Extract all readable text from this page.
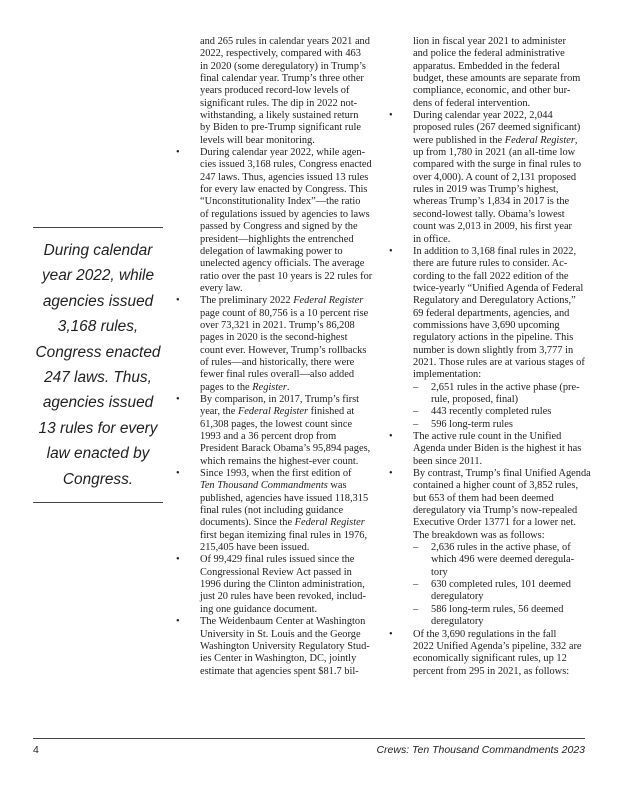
During calendar
year 2022, while
agencies issued
3,168 rules,
Congress enacted
247 laws. Thus,
agencies issued
13 rules for every
law enacted by
Congress.

and 265 rules in calendar years 2021 and

2022, respectively, compared with 463

in 2020 (some deregulatory) in Trump’s

final calendar year. Trump’s three other

years produced record-low levels of

significant rules. The dip in 2022 not-

withstanding, a likely sustained return

by Biden to pre-Trump significant rule

levels will bear monitoring.

• During calendar year 2022, while agen-

cies issued 3,168 rules, Congress enacted

247 laws. Thus, agencies issued 13 rules

for every law enacted by Congress. This

“Unconstitutionality Index”—the ratio

of regulations issued by agencies to laws

passed by Congress and signed by the

president—highlights the entrenched

delegation of lawmaking power to

unelected agency officials. The average

ratio over the past 10 years is 22 rules for

every law.

• The preliminary 2022 Federal Register

page count of 80,756 is a 10 percent rise

over 73,321 in 2021. Trump’s 86,208

pages in 2020 is the second-highest

count ever. However, Trump’s rollbacks

of rules—and historically, there were

fewer final rules overall—also added

pages to the Register.

• By comparison, in 2017, Trump’s first

year, the Federal Register finished at

61,308 pages, the lowest count since

1993 and a 36 percent drop from

President Barack Obama’s 95,894 pages,

which remains the highest-ever count.

• Since 1993, when the first edition of

Ten Thousand Commandments was

published, agencies have issued 118,315

final rules (not including guidance

documents). Since the Federal Register

first began itemizing final rules in 1976,

215,405 have been issued.

• Of 99,429 final rules issued since the

Congressional Review Act passed in

1996 during the Clinton administration,

just 20 rules have been revoked, includ-

ing one guidance document.

• The Weidenbaum Center at Washington

University in St. Louis and the George

Washington University Regulatory Stud-

ies Center in Washington, DC, jointly

estimate that agencies spent $81.7 bil-

lion in fiscal year 2021 to administer

and police the federal administrative

apparatus. Embedded in the federal

budget, these amounts are separate from

compliance, economic, and other bur-

dens of federal intervention.

• During calendar year 2022, 2,044

proposed rules (267 deemed significant)

were published in the Federal Register,

up from 1,780 in 2021 (an all-time low

compared with the surge in final rules to

over 4,000). A count of 2,131 proposed

rules in 2019 was Trump’s highest,

whereas Trump’s 1,834 in 2017 is the

second-lowest tally. Obama’s lowest

count was 2,013 in 2009, his first year

in office.

• In addition to 3,168 final rules in 2022,

there are future rules to consider. Ac-

cording to the fall 2022 edition of the

twice-yearly “Unified Agenda of Federal

Regulatory and Deregulatory Actions,”

69 federal departments, agencies, and

commissions have 3,690 upcoming

regulatory actions in the pipeline. This

number is down slightly from 3,777 in

2021. Those rules are at various stages of

implementation:

– 2,651 rules in the active phase (pre-

rule, proposed, final)

– 443 recently completed rules

– 596 long-term rules

• The active rule count in the Unified

Agenda under Biden is the highest it has

been since 2011.

• By contrast, Trump’s final Unified Agenda

contained a higher count of 3,852 rules,

but 653 of them had been deemed

deregulatory via Trump’s now-repealed

Executive Order 13771 for a lower net.

The breakdown was as follows:

– 2,636 rules in the active phase, of

which 496 were deemed deregula-

tory

– 630 completed rules, 101 deemed

deregulatory

– 586 long-term rules, 56 deemed

deregulatory

• Of the 3,690 regulations in the fall

2022 Unified Agenda’s pipeline, 332 are

economically significant rules, up 12

percent from 295 in 2021, as follows:

4	Crews: Ten Thousand Commandments 2023
